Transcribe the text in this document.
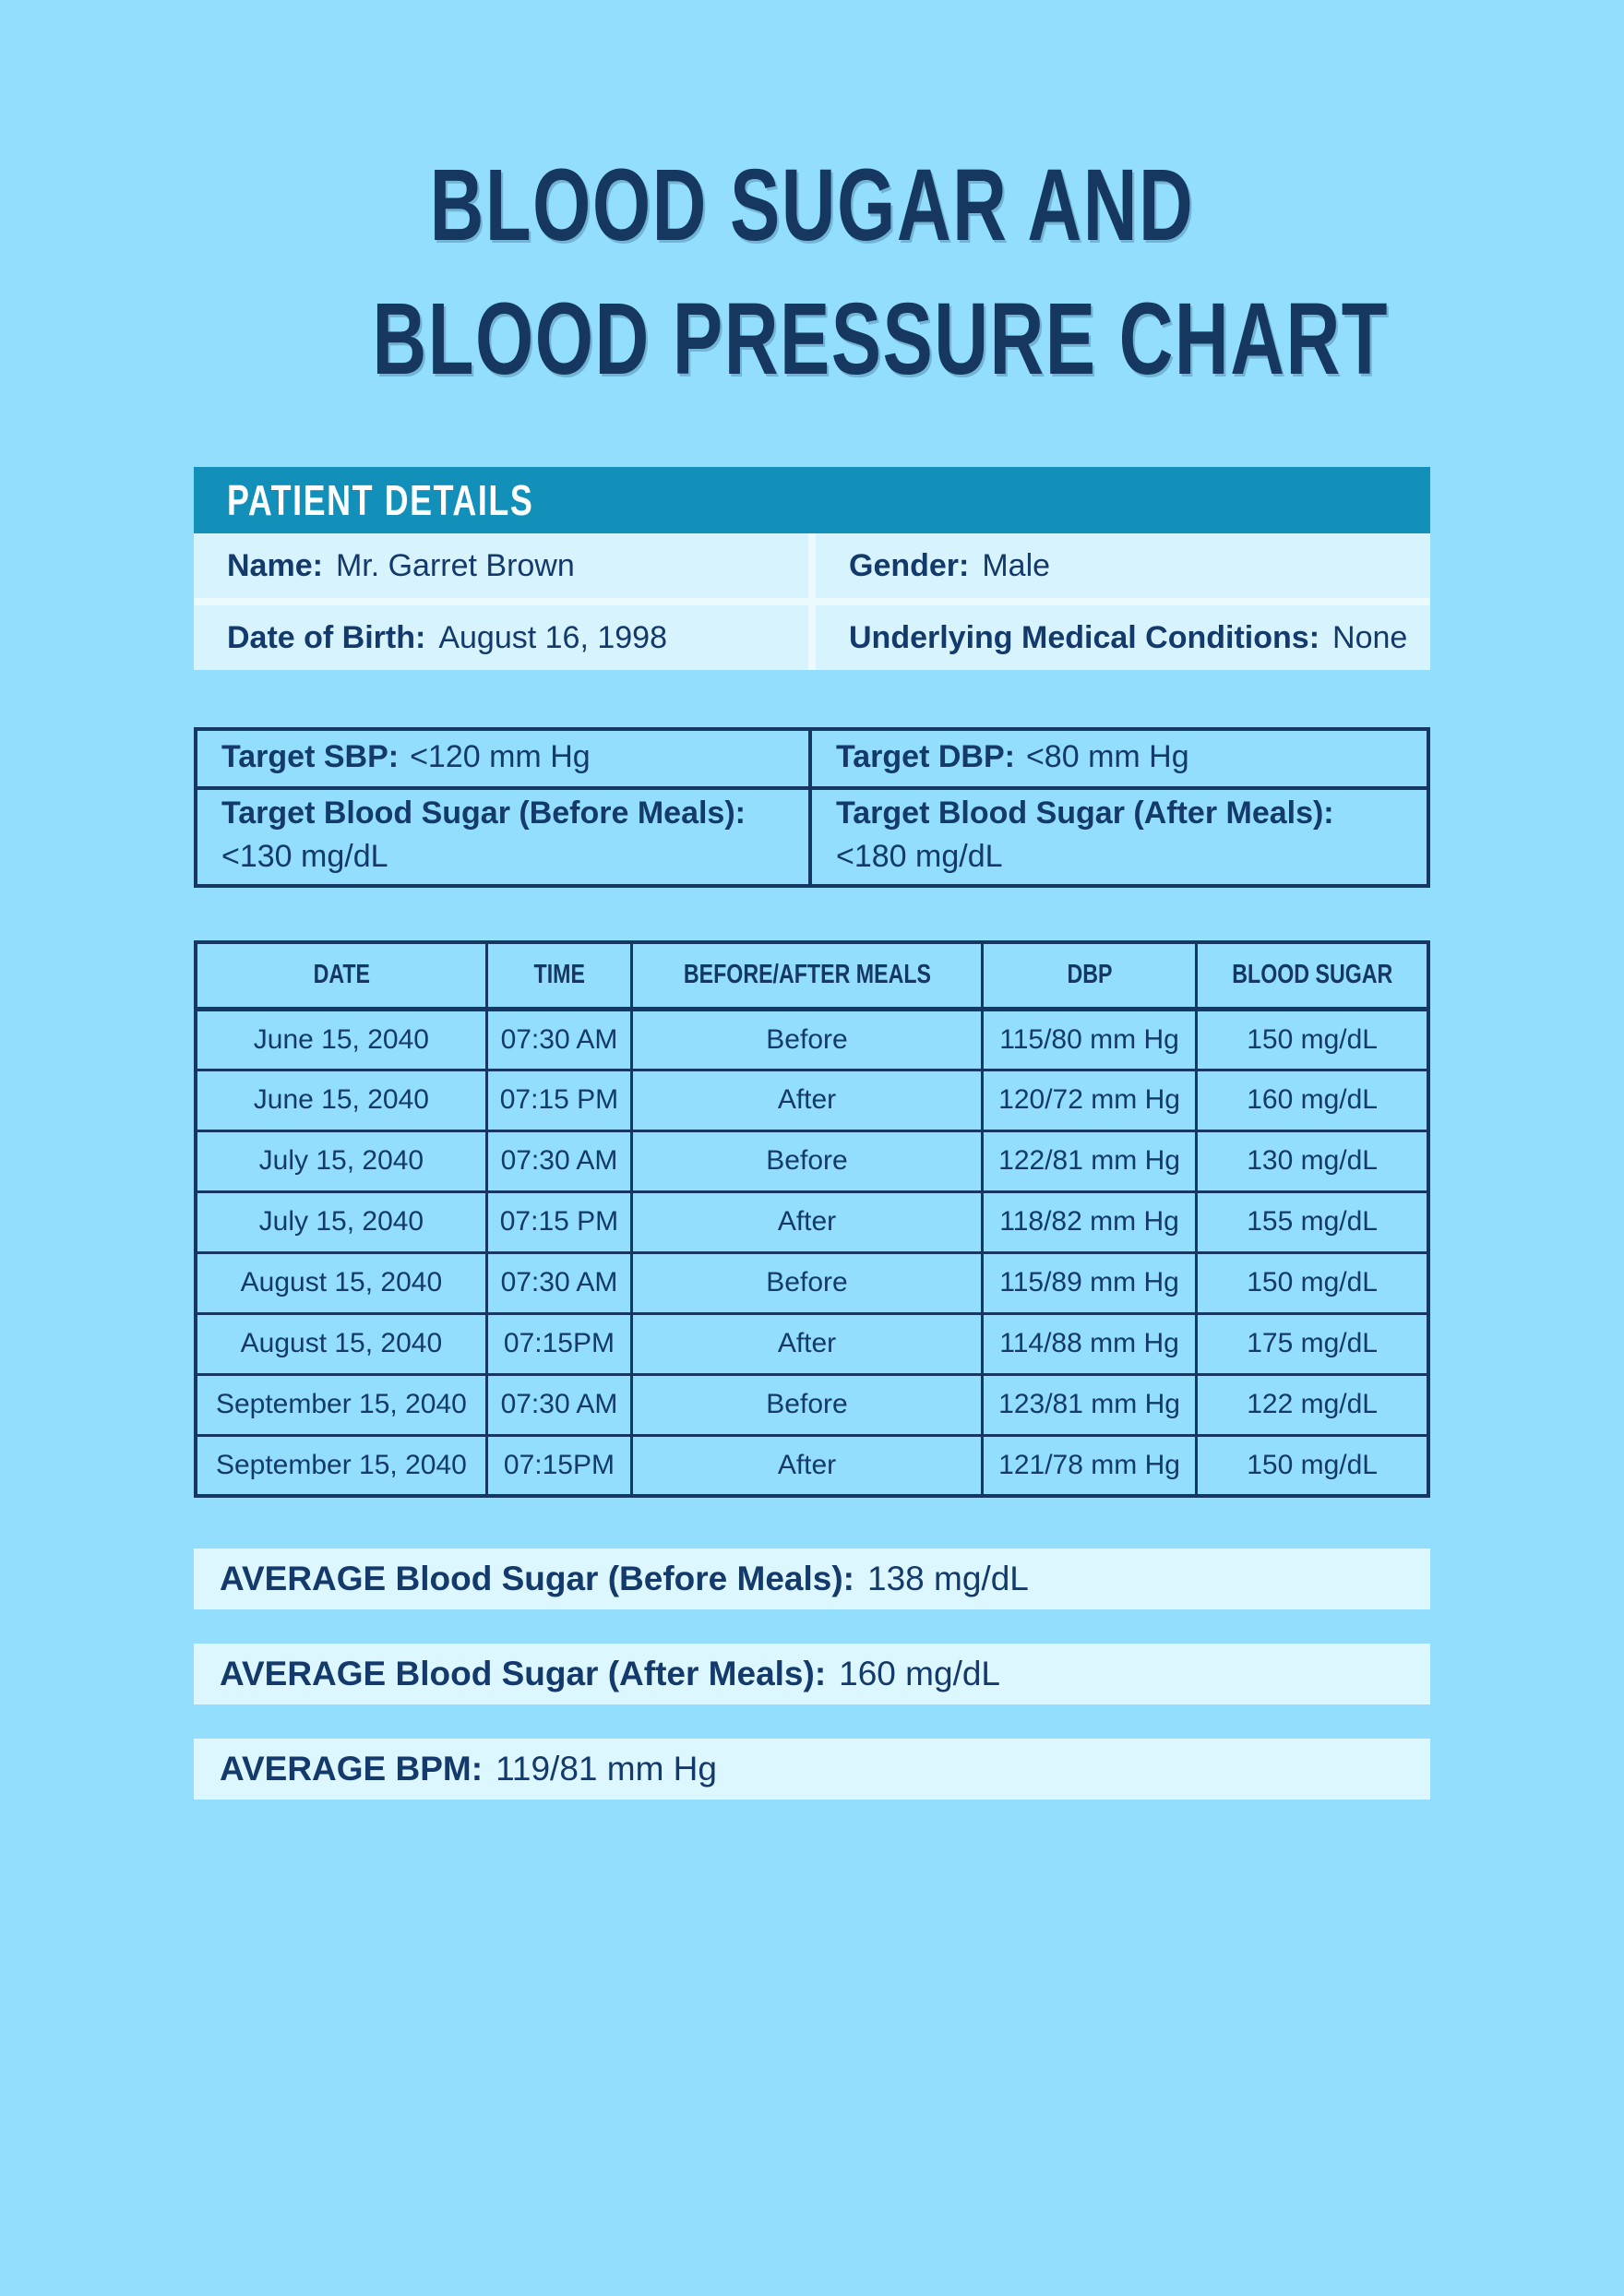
BLOOD SUGAR AND
BLOOD PRESSURE CHART
PATIENT DETAILS
Name: Mr. Garret Brown	Gender: Male
Date of Birth: August 16, 1998	Underlying Medical Conditions: None
Target SBP: <120 mm Hg	Target DBP: <80 mm Hg
Target Blood Sugar (Before Meals):
<130 mg/dL
Target Blood Sugar (After Meals):
<180 mg/dL
DATE	TIME	BEFORE/AFTER MEALS	DBP	BLOOD SUGAR
June 15, 2040	07:30 AM	Before	115/80 mm Hg	150 mg/dL
June 15, 2040	07:15 PM	After	120/72 mm Hg	160 mg/dL
July 15, 2040	07:30 AM	Before	122/81 mm Hg	130 mg/dL
July 15, 2040	07:15 PM	After	118/82 mm Hg	155 mg/dL
August 15, 2040	07:30 AM	Before	115/89 mm Hg	150 mg/dL
August 15, 2040	07:15PM	After	114/88 mm Hg	175 mg/dL
September 15, 2040	07:30 AM	Before	123/81 mm Hg	122 mg/dL
September 15, 2040	07:15PM	After	121/78 mm Hg	150 mg/dL
AVERAGE Blood Sugar (Before Meals): 138 mg/dL
AVERAGE Blood Sugar (After Meals): 160 mg/dL
AVERAGE BPM: 119/81 mm Hg
